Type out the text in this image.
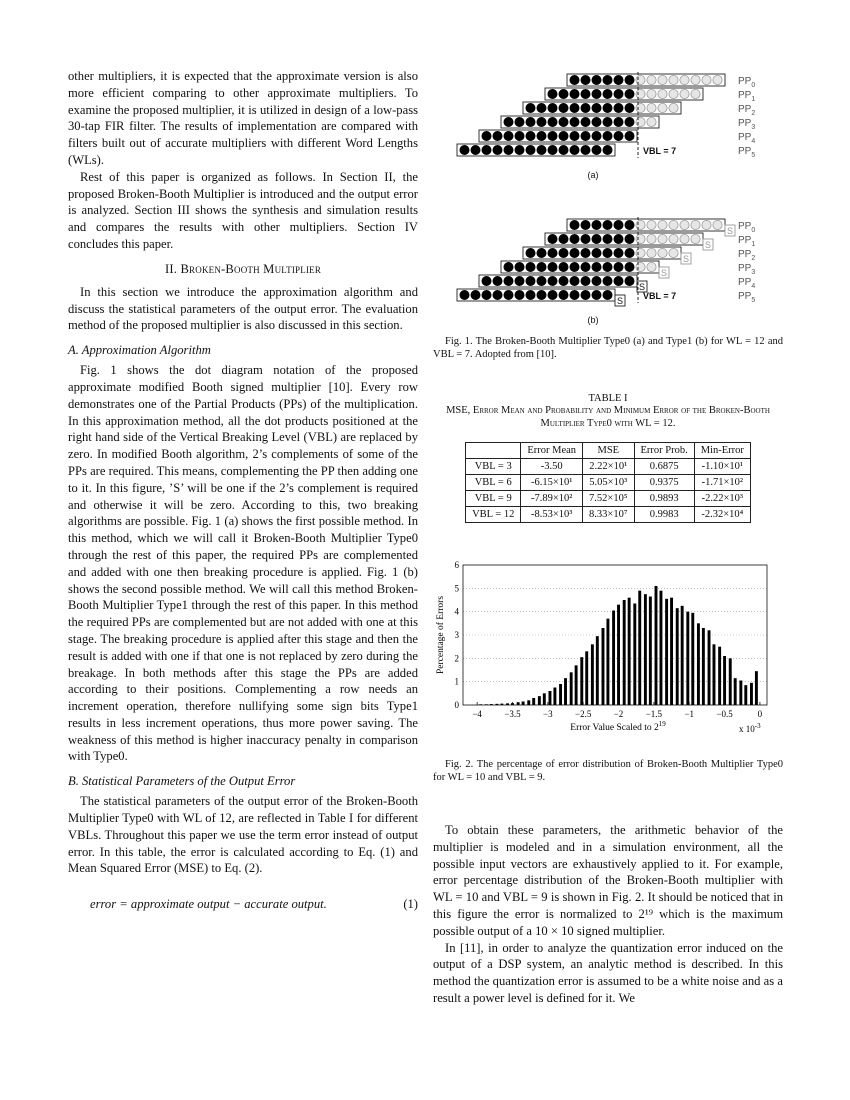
other multipliers, it is expected that the approximate version is also more efficient comparing to other approximate multipliers. To examine the proposed multiplier, it is utilized in design of a low-pass 30-tap FIR filter. The results of implementation are compared with filters built out of accurate multipliers with different Word Lengths (WLs).

Rest of this paper is organized as follows. In Section II, the proposed Broken-Booth Multiplier is introduced and the output error is analyzed. Section III shows the synthesis and simulation results and compares the results with other multipliers. Section IV concludes this paper.

II. Broken-Booth Multiplier

In this section we introduce the approximation algorithm and discuss the statistical parameters of the output error. The evaluation method of the proposed multiplier is also discussed in this section.

A. Approximation Algorithm

Fig. 1 shows the dot diagram notation of the proposed approximate modified Booth signed multiplier [10]. Every row demonstrates one of the Partial Products (PPs) of the multiplication. In this approximation method, all the dot products positioned at the right hand side of the Vertical Breaking Level (VBL) are replaced by zero. In modified Booth algorithm, 2’s complements of some of the PPs are required. This means, complementing the PP then adding one to it. In this figure, ’S’ will be one if the 2’s complement is required and otherwise it will be zero. According to this, two breaking algorithms are possible. Fig. 1 (a) shows the first possible method. In this method, which we will call it Broken-Booth Multiplier Type0 through the rest of this paper, the required PPs are complemented and added with one then breaking procedure is applied. Fig. 1 (b) shows the second possible method. We will call this method Broken-Booth Multiplier Type1 through the rest of this paper. In this method the required PPs are complemented but are not added with one at this stage. The breaking procedure is applied after this stage and then the result is added with one if that one is not replaced by zero during the breakage. In both methods after this stage the PPs are added according to their positions. Complementing a row needs an increment operation, therefore nullifying some sign bits Type1 results in less increment operations, thus more power saving. The weakness of this method is higher inaccuracy penalty in comparison with Type0.

B. Statistical Parameters of the Output Error

The statistical parameters of the output error of the Broken-Booth Multiplier Type0 with WL of 12, are reflected in Table I for different VBLs. Throughout this paper we use the term error instead of output error. In this table, the error is calculated according to Eq. (1) and Mean Squared Error (MSE) to Eq. (2).

error = approximate output − accurate output.	(1)
$PP_0$
$PP_1$
$PP_2$
$PP_3$
$PP_4$
$PP_5$
VBL = 7
(a)
S $PP_0$
S	$PP_1$
S	$PP_2$
S	$PP_3$
S	$PP_4$
S	$PP_5$
VBL = 7
(b)

Fig. 1. The Broken-Booth Multiplier Type0 (a) and Type1 (b) for WL = 12 and VBL = 7. Adopted from [10].

TABLE I
MSE, Error Mean and Probability and Minimum Error of the Broken-Booth Multiplier Type0 with WL = 12.
	Error Mean	MSE	Error Prob.	Min-Error
VBL = 3	-3.50	2.22×10¹	0.6875	-1.10×10¹
VBL = 6	-6.15×10¹	5.05×10³	0.9375	-1.71×10²
VBL = 9	-7.89×10²	7.52×10⁵	0.9893	-2.22×10³
VBL = 12	-8.53×10³	8.33×10⁷	0.9983	-2.32×10⁴
0
1
2
3
4
5
6
−4 −3.5 −3 −2.5 −2 −1.5 −1 −0.5	0
Error Value Scaled to $2^{19}$
Percentage of Errors
x $10^{-3}$

Fig. 2. The percentage of error distribution of Broken-Booth Multiplier Type0 for WL = 10 and VBL = 9.

To obtain these parameters, the arithmetic behavior of the multiplier is modeled and in a simulation environment, all the possible input vectors are exhaustively applied to it. For example, error percentage distribution of the Broken-Booth multiplier with WL = 10 and VBL = 9 is shown in Fig. 2. It should be noticed that in this figure the error is normalized to 2¹⁹ which is the maximum possible output of a 10 × 10 signed multiplier.

In [11], in order to analyze the quantization error induced on the output of a DSP system, an analytic method is described. In this method the quantization error is assumed to be a white noise and as a result a power level is defined for it. We
